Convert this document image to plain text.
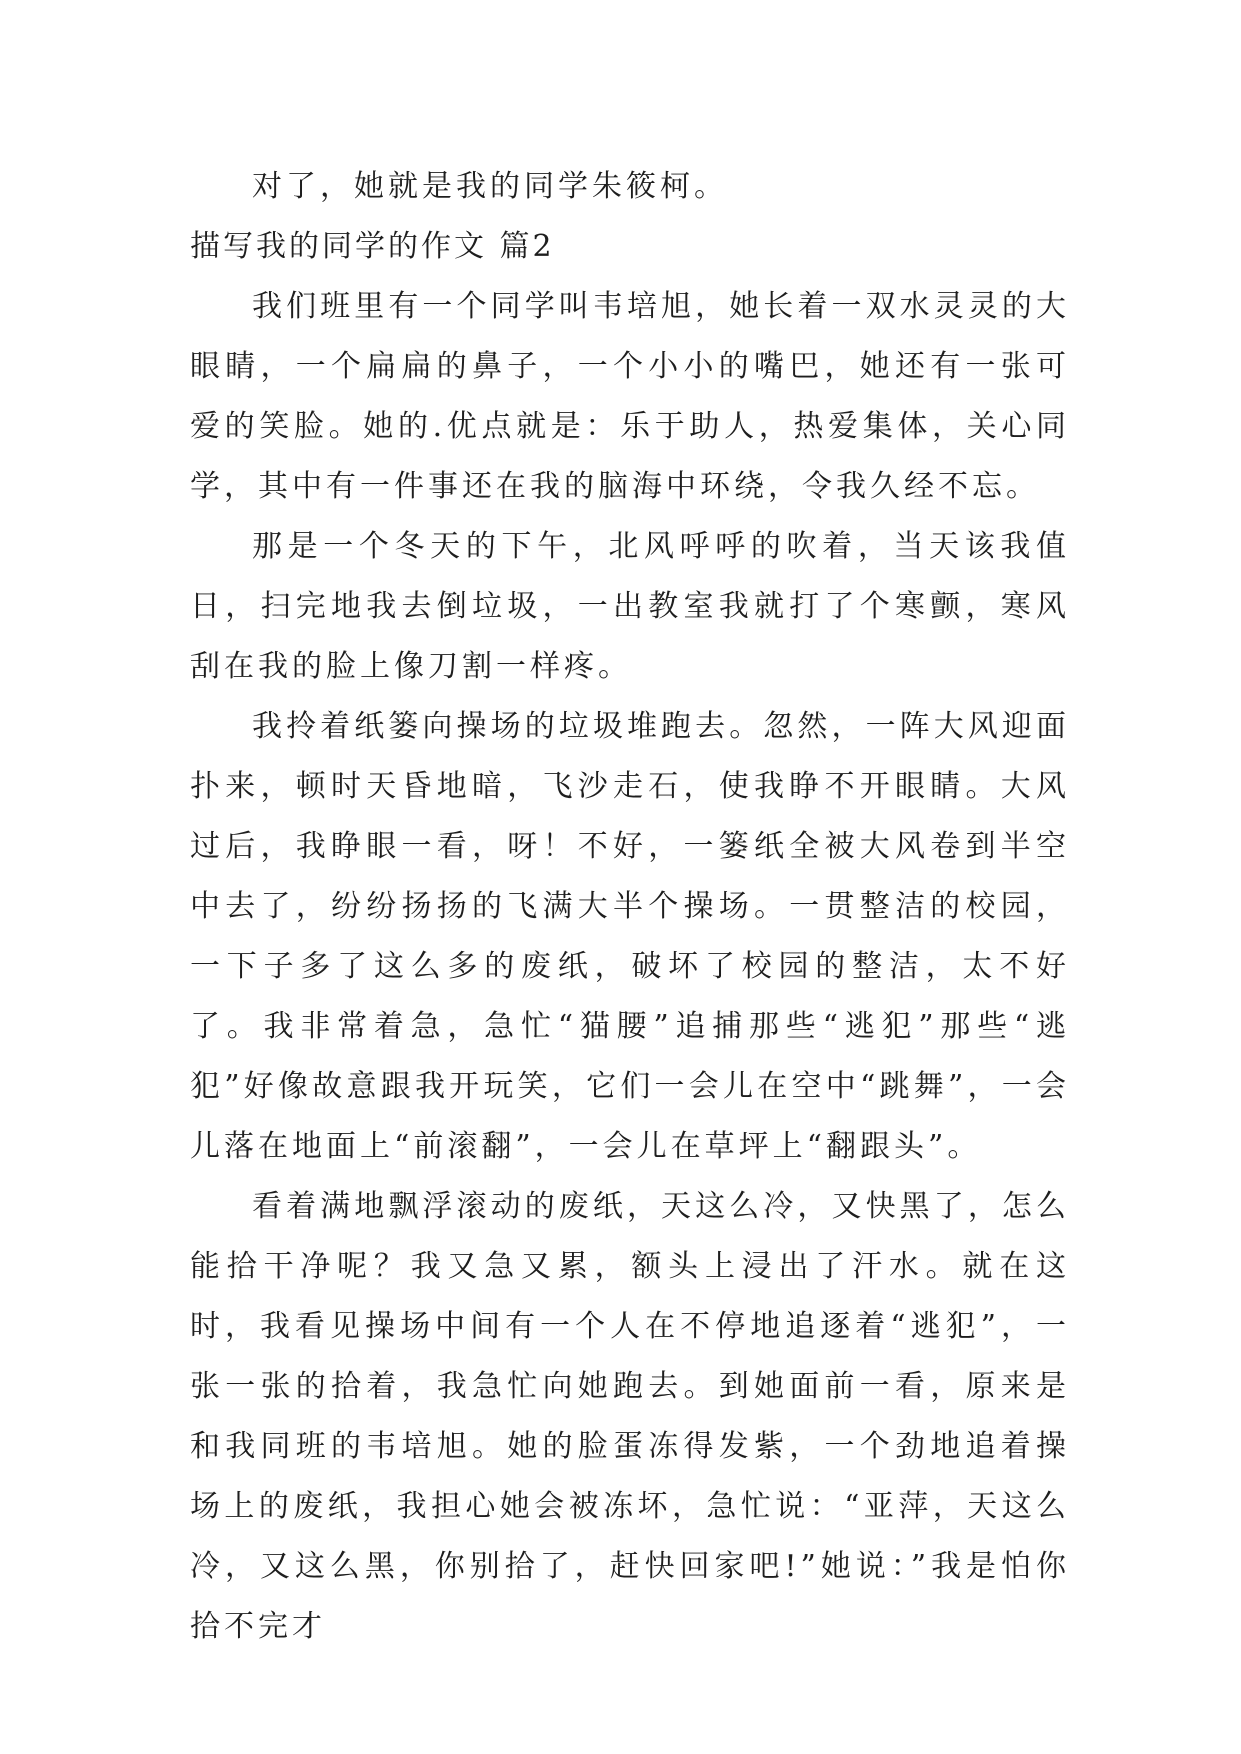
对了，她就是我的同学朱筱柯。

描写我的同学的作文 篇2

我们班里有一个同学叫韦培旭，她长着一双水灵灵的大眼睛，一个扁扁的鼻子，一个小小的嘴巴，她还有一张可爱的笑脸。她的.优点就是：乐于助人，热爱集体，关心同学，其中有一件事还在我的脑海中环绕，令我久经不忘。

那是一个冬天的下午，北风呼呼的吹着，当天该我值日，扫完地我去倒垃圾，一出教室我就打了个寒颤，寒风刮在我的脸上像刀割一样疼。

我拎着纸篓向操场的垃圾堆跑去。忽然，一阵大风迎面扑来，顿时天昏地暗，飞沙走石，使我睁不开眼睛。大风过后，我睁眼一看，呀！不好，一篓纸全被大风卷到半空中去了，纷纷扬扬的飞满大半个操场。一贯整洁的校园，一下子多了这么多的废纸，破坏了校园的整洁，太不好了。我非常着急，急忙“猫腰”追捕那些“逃犯”那些“逃犯”好像故意跟我开玩笑，它们一会儿在空中“跳舞”，一会儿落在地面上“前滚翻”，一会儿在草坪上“翻跟头”。

看着满地飘浮滚动的废纸，天这么冷，又快黑了，怎么能拾干净呢？我又急又累，额头上浸出了汗水。就在这时，我看见操场中间有一个人在不停地追逐着“逃犯”，一张一张的拾着，我急忙向她跑去。到她面前一看，原来是和我同班的韦培旭。她的脸蛋冻得发紫，一个劲地追着操场上的废纸，我担心她会被冻坏，急忙说：“亚萍，天这么冷，又这么黑，你别拾了，赶快回家吧!”她说：”我是怕你拾不完才
